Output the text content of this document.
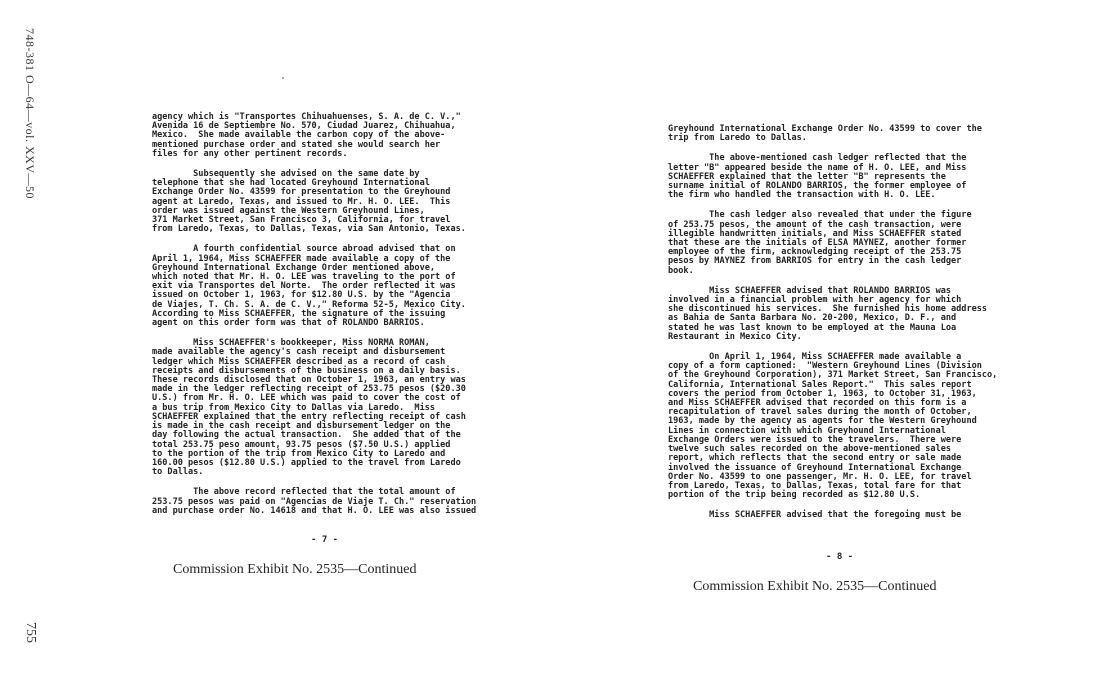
748-381 O—64—vol. XXV—50
755

agency which is "Transportes Chihuahuenses, S. A. de C. V.,"
Avenida 16 de Septiembre No. 570, Ciudad Juarez, Chihuahua,
Mexico.  She made available the carbon copy of the above-
mentioned purchase order and stated she would search her
files for any other pertinent records.

Subsequently she advised on the same date by
telephone that she had located Greyhound International
Exchange Order No. 43599 for presentation to the Greyhound
agent at Laredo, Texas, and issued to Mr. H. O. LEE.  This
order was issued against the Western Greyhound Lines,
371 Market Street, San Francisco 3, California, for travel
from Laredo, Texas, to Dallas, Texas, via San Antonio, Texas.

A fourth confidential source abroad advised that on
April 1, 1964, Miss SCHAEFFER made available a copy of the
Greyhound International Exchange Order mentioned above,
which noted that Mr. H. O. LEE was traveling to the port of
exit via Transportes del Norte.  The order reflected it was
issued on October 1, 1963, for $12.80 U.S. by the "Agencia
de Viajes, T. Ch. S. A. de C. V.," Reforma 52-5, Mexico City.
According to Miss SCHAEFFER, the signature of the issuing
agent on this order form was that of ROLANDO BARRIOS.

Miss SCHAEFFER's bookkeeper, Miss NORMA ROMAN,
made available the agency's cash receipt and disbursement
ledger which Miss SCHAEFFER described as a record of cash
receipts and disbursements of the business on a daily basis.
These records disclosed that on October 1, 1963, an entry was
made in the ledger reflecting receipt of 253.75 pesos ($20.30
U.S.) from Mr. H. O. LEE which was paid to cover the cost of
a bus trip from Mexico City to Dallas via Laredo.  Miss
SCHAEFFER explained that the entry reflecting receipt of cash
is made in the cash receipt and disbursement ledger on the
day following the actual transaction.  She added that of the
total 253.75 peso amount, 93.75 pesos ($7.50 U.S.) applied
to the portion of the trip from Mexico City to Laredo and
160.00 pesos ($12.80 U.S.) applied to the travel from Laredo
to Dallas.

The above record reflected that the total amount of
253.75 pesos was paid on "Agencias de Viaje T. Ch." reservation
and purchase order No. 14618 and that H. O. LEE was also issued

- 7 -
Commission Exhibit No. 2535—Continued

Greyhound International Exchange Order No. 43599 to cover the
trip from Laredo to Dallas.

The above-mentioned cash ledger reflected that the
letter "B" appeared beside the name of H. O. LEE, and Miss
SCHAEFFER explained that the letter "B" represents the
surname initial of ROLANDO BARRIOS, the former employee of
the firm who handled the transaction with H. O. LEE.

The cash ledger also revealed that under the figure
of 253.75 pesos, the amount of the cash transaction, were
illegible handwritten initials, and Miss SCHAEFFER stated
that these are the initials of ELSA MAYNEZ, another former
employee of the firm, acknowledging receipt of the 253.75
pesos by MAYNEZ from BARRIOS for entry in the cash ledger
book.

Miss SCHAEFFER advised that ROLANDO BARRIOS was
involved in a financial problem with her agency for which
she discontinued his services.  She furnished his home address
as Bahia de Santa Barbara No. 20-200, Mexico, D. F., and
stated he was last known to be employed at the Mauna Loa
Restaurant in Mexico City.

On April 1, 1964, Miss SCHAEFFER made available a
copy of a form captioned:  "Western Greyhound Lines (Division
of the Greyhound Corporation), 371 Market Street, San Francisco,
California, International Sales Report."  This sales report
covers the period from October 1, 1963, to October 31, 1963,
and Miss SCHAEFFER advised that recorded on this form is a
recapitulation of travel sales during the month of October,
1963, made by the agency as agents for the Western Greyhound
Lines in connection with which Greyhound International
Exchange Orders were issued to the travelers.  There were
twelve such sales recorded on the above-mentioned sales
report, which reflects that the second entry or sale made
involved the issuance of Greyhound International Exchange
Order No. 43599 to one passenger, Mr. H. O. LEE, for travel
from Laredo, Texas, to Dallas, Texas, total fare for that
portion of the trip being recorded as $12.80 U.S.

Miss SCHAEFFER advised that the foregoing must be

- 8 -
Commission Exhibit No. 2535—Continued
